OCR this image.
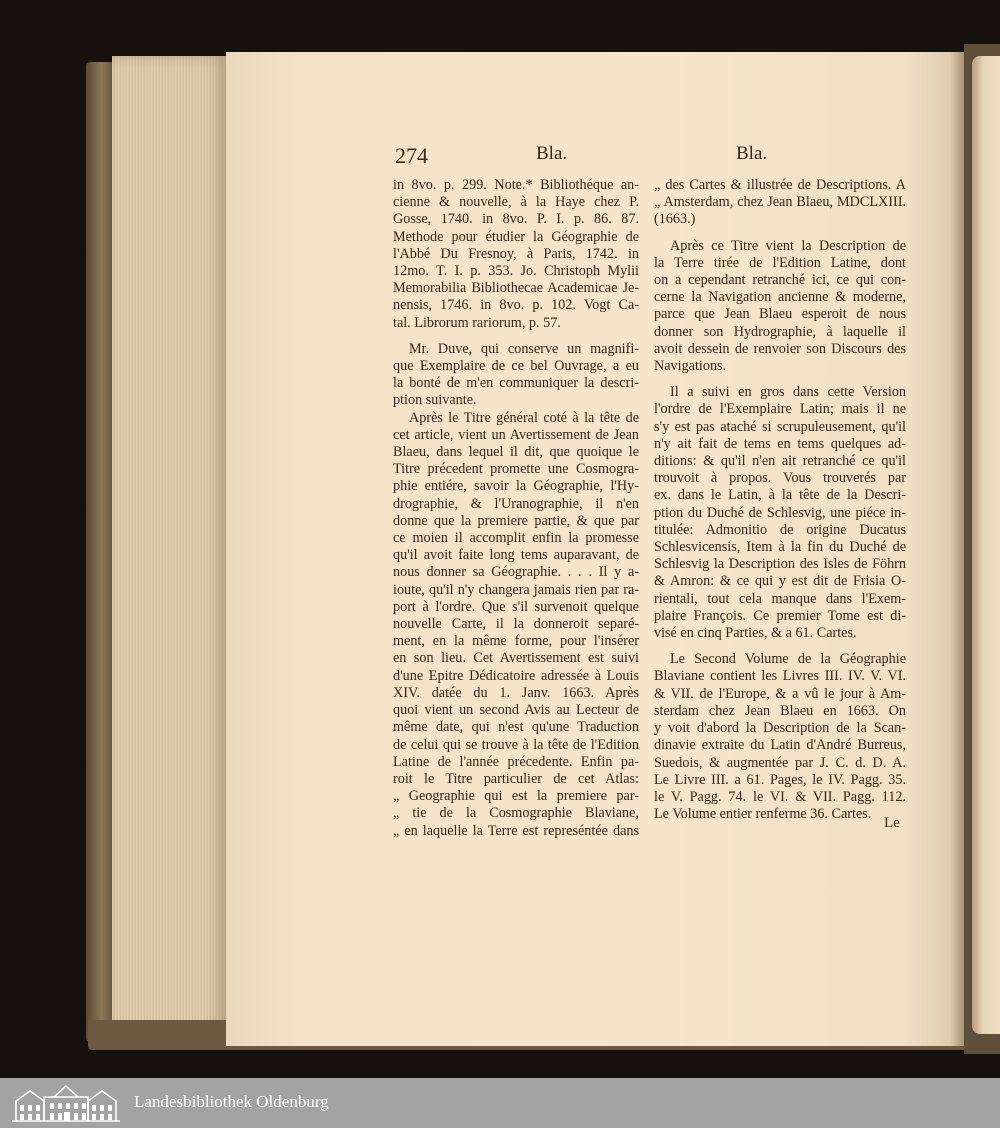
274	Bla.	Bla.
in 8vo. p. 299. Note.* Bibliothéque an-
cienne & nouvelle, à la Haye chez P.
Gosse, 1740. in 8vo. P. I. p. 86. 87.
Methode pour étudier la Géographie de
l'Abbé Du Fresnoy, à Paris, 1742. in
12mo. T. I. p. 353. Jo. Christoph Mylii
Memorabilia Bibliothecae Academicae Je-
nensis, 1746. in 8vo. p. 102. Vogt Ca-
tal. Librorum rariorum, p. 57.
Mr. Duve, qui conserve un magnifi-
que Exemplaire de ce bel Ouvrage, a eu
la bonté de m'en communiquer la descri-
ption suivante.
Après le Titre général coté à la tête de
cet article, vient un Avertissement de Jean
Blaeu, dans lequel il dit, que quoique le
Titre précedent promette une Cosmogra-
phie entiére, savoir la Géographie, l'Hy-
drographie, & l'Uranographie, il n'en
donne que la premiere partie, & que par
ce moien il accomplit enfin la promesse
qu'il avoit faite long tems auparavant, de
nous donner sa Géographie. . . . Il y a-
ioute, qu'il n'y changera jamais rien par ra-
port à l'ordre. Que s'il survenoit quelque
nouvelle Carte, il la donneroit separé-
ment, en la même forme, pour l'insérer
en son lieu. Cet Avertissement est suivi
d'une Epitre Dédicatoire adressée à Louis
XIV. datée du 1. Janv. 1663. Après
quoi vient un second Avis au Lecteur de
même date, qui n'est qu'une Traduction
de celui qui se trouve à la tête de l'Edition
Latine de l'année précedente. Enfin pa-
roit le Titre particulier de cet Atlas:
„ Geographie qui est la premiere par-
„ tie de la Cosmographie Blaviane,
„ en laquelle la Terre est represéntée dans
„ des Cartes & illustrée de Descriptions. A
„ Amsterdam, chez Jean Blaeu, MDCLXIII.
(1663.)
Après ce Titre vient la Description de
la Terre tirée de l'Edition Latine, dont
on a cependant retranché ici, ce qui con-
cerne la Navigation ancienne & moderne,
parce que Jean Blaeu esperoit de nous
donner son Hydrographie, à laquelle il
avoit dessein de renvoier son Discours des
Navigations.
Il a suivi en gros dans cette Version
l'ordre de l'Exemplaire Latin; mais il ne
s'y est pas ataché si scrupuleusement, qu'il
n'y ait fait de tems en tems quelques ad-
ditions: & qu'il n'en ait retranché ce qu'il
trouvoit à propos. Vous trouverés par
ex. dans le Latin, à la tête de la Descri-
ption du Duché de Schlesvig, une piéce in-
titulée: Admonitio de origine Ducatus
Schlesvicensis, Item à la fin du Duché de
Schlesvig la Description des Isles de Föhrn
& Amron: & ce qui y est dit de Frisia O-
rientali, tout cela manque dans l'Exem-
plaire François. Ce premier Tome est di-
visé en cinq Parties, & a 61. Cartes.
Le Second Volume de la Géographie
Blaviane contient les Livres III. IV. V. VI.
& VII. de l'Europe, & a vû le jour à Am-
sterdam chez Jean Blaeu en 1663. On
y voit d'abord la Description de la Scan-
dinavie extraite du Latin d'André Burreus,
Suedois, & augmentée par J. C. d. D. A.
Le Livre III. a 61. Pages, le IV. Pagg. 35.
le V. Pagg. 74. le VI. & VII. Pagg. 112.
Le Volume entier renferme 36. Cartes.
Le
Landesbibliothek Oldenburg
